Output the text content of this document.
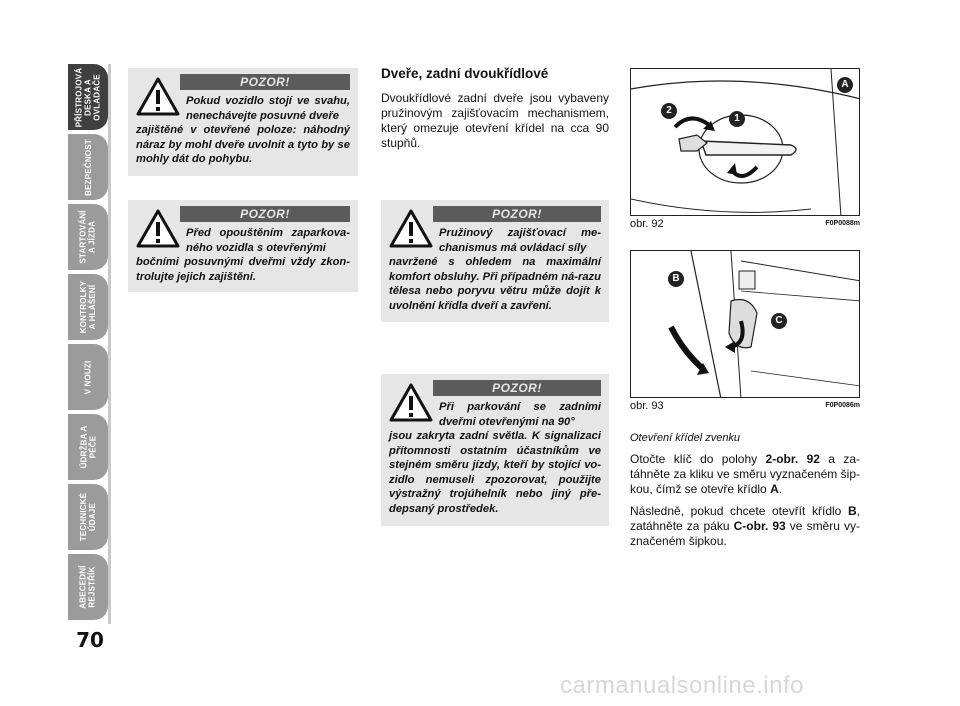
PŘÍSTROJOVÁ
DESKA A
OVLADAČE
BEZPEČNOST
STARTOVÁNÍ
A JÍZDA
KONTROLKY
A HLÁŠENÍ
V NOUZI
ÚDRŽBA A
PÉČE
TECHNICKÉ
ÚDAJE
ABECEDNÍ
REJSTŘÍK
70
POZOR!

Pokud vozidlo stojí ve svahu, nenechávejte posuvné dveře
zajištěné v otevřené poloze: náhodný náraz by mohl dveře uvolnit a tyto by se mohly dát do pohybu.

POZOR!

Před opouštěním zaparkova-ného vozidla s otevřenými
bočními posuvnými dveřmi vždy zkon-trolujte jejich zajištění.

Dveře, zadní dvoukřídlové

Dvoukřídlové zadní dveře jsou vybaveny pružinovým zajišťovacím mechanismem, který omezuje otevření křídel na cca 90 stupňů.

POZOR!

Pružinový zajišťovací me-chanismus má ovládací síly
navržené s ohledem na maximální komfort obsluhy. Při případném ná-razu tělesa nebo poryvu větru může dojít k uvolnění křídla dveří a zavření.

POZOR!

Při parkování se zadními dveřmi otevřenými na 90°
jsou zakryta zadní světla. K signalizaci přítomnosti ostatním účastníkům ve stejném směru jízdy, kteří by stojící vo-zidlo nemuseli zpozorovat, použijte výstražný trojúhelník nebo jiný pře-depsaný prostředek.

A
2
1
obr. 92	F0P0088m
B
C
obr. 93	F0P0086m
Otevření křídel zvenku

Otočte klíč do polohy 2-obr. 92 a za-táhněte za kliku ve směru vyznačeném šip-kou, čímž se otevře křídlo A.

Následně, pokud chcete otevřít křídlo B, zatáhněte za páku C-obr. 93 ve směru vy-značeném šipkou.

carmanualsonline.info
